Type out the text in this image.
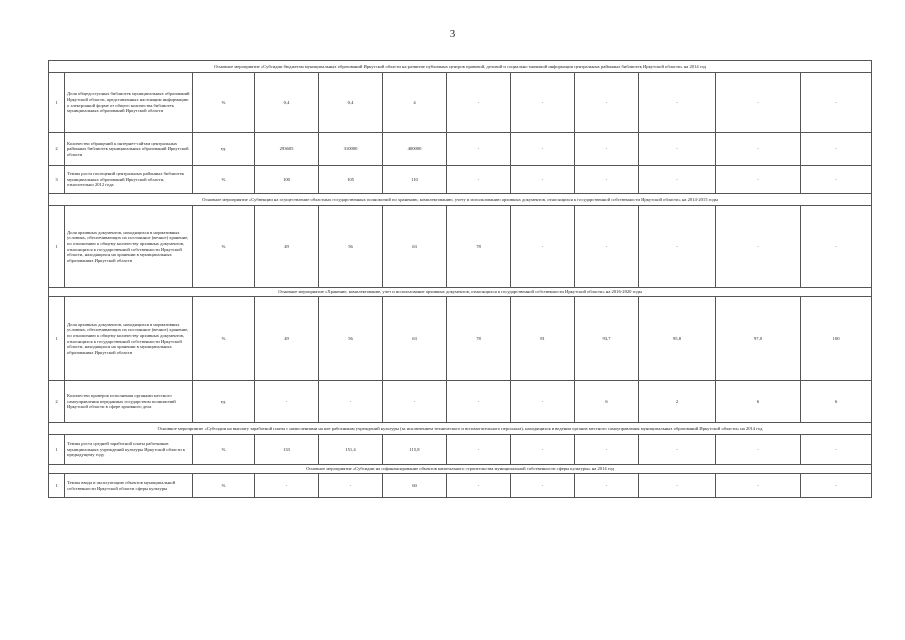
3
Основное мероприятие «Субсидии бюджетам муниципальных образований Иркутской области на развитие публичных центров правовой, деловой и социально значимой информации центральных районных библиотек Иркутской области» на 2014 год											
1	Доля общедоступных библиотек муниципальных образований Иркутской области, представленных настоящим информацию о электронной форме от общего количества библиотек муниципальных образований Иркутской области	%	0,4	0,4	4	-	-	-	-	-	-
2	Количество обращений к интернет-сайтам центральных районных библиотек муниципальных образований Иркутской области	ед.	293605	310000	400000	-	-	-	-	-	-
3	Темпы роста посещений центральных районных библиотек муниципальных образований Иркутской области, относительно 2012 года	%	100	105	110	-	-	-	-	-	-
Основное мероприятие «Субвенции на осуществление областных государственных полномочий по хранению, комплектованию, учету и использованию архивных документов, относящихся к государственной собственности Иркутской области» на 2014-2015 годы											
1	Доля архивных документов, находящихся в нормативных условиях, обеспечивающих их постоянное (вечное) хранение, по отношению к общему количеству архивных документов, относящихся к государственной собственности Иркутской области, находящихся на хранении в муниципальных образованиях Иркутской области	%	49	56	63	78	-	-	-	-	-
Основное мероприятие «Хранение, комплектование, учет и использование архивных документов, относящихся к государственной собственности Иркутской области» на 2016-2020 годы											
1	Доля архивных документов, находящихся в нормативных условиях, обеспечивающих их постоянное (вечное) хранение, по отношению к общему количеству архивных документов, относящихся к государственной собственности Иркутской области, находящихся на хранении в муниципальных образованиях Иркутской области	%	49	56	63	78	81	93,7	95,8	97,0	100
2	Количество проверок исполнения органами местного самоуправления переданных государством полномочий Иркутской области в сфере архивного дела	ед.	-	-	-	-	-	6	2	6	6
Основное мероприятие «Субсидии на выплату заработной платы с начислениями на нее работникам учреждений культуры (за исключением технического и вспомогательного персонала), находящихся в ведении органов местного самоуправления муниципальных образований Иркутской области» на 2014 год											
1	Темпы роста средней заработной платы работников муниципальных учреждений культуры Иркутской области к предыдущему году	%	133	151,4	115,8	-	-	-	-	-	-
Основное мероприятие «Субсидии на софинансирование объектов капитального строительства муниципальной собственности сферы культуры» на 2014 год											
1	Темпы ввода в эксплуатацию объектов муниципальной собственности Иркутской области сферы культуры	%	-	-	60	-	-	-	-	-	-
